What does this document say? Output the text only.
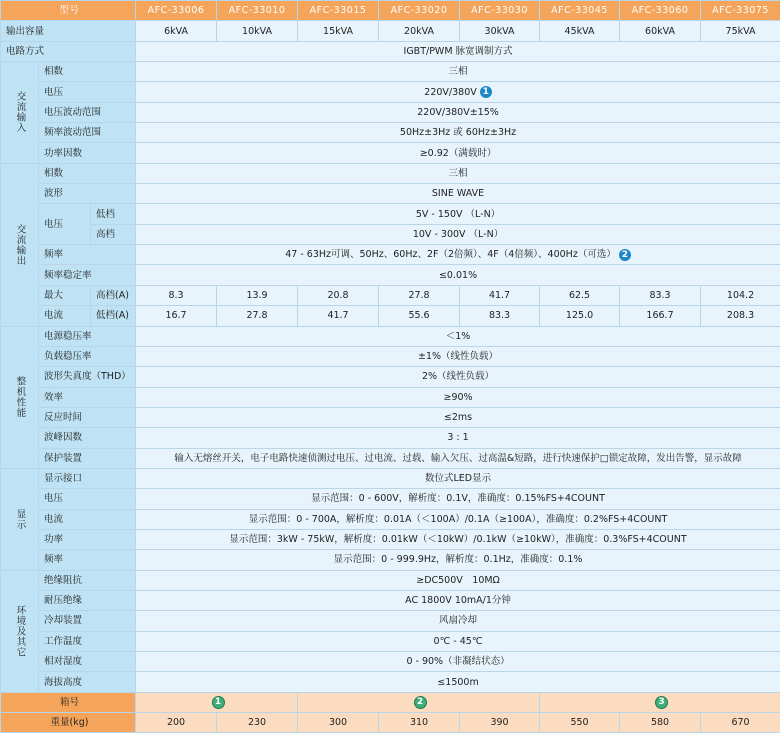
型号			AFC-33006	AFC-33010	AFC-33015	AFC-33020	AFC-33030	AFC-33045	AFC-33060	AFC-33075
输出容量			6kVA	10kVA	15kVA	20kVA	30kVA	45kVA	60kVA	75kVA
电路方式			IGBT/PWM 脉宽调制方式							
交流输入	相数		三相							
	电压		220V/380V 1							
	电压波动范围		220V/380V±15%							
	频率波动范围		50Hz±3Hz 或 60Hz±3Hz							
	功率因数		≥0.92（满载时）							
交流输出	相数		三相							
	波形		SINE WAVE							
	电压	低档	5V - 150V （L-N）							
		高档	10V - 300V （L-N）							
	频率		47 - 63Hz可调、50Hz、60Hz、2F（2倍频）、4F（4倍频）、400Hz（可选） 2							
	频率稳定率		≤0.01%							
	最大	高档(A)	8.3	13.9	20.8	27.8	41.7	62.5	83.3	104.2
	电流	低档(A)	16.7	27.8	41.7	55.6	83.3	125.0	166.7	208.3
整机性能	电源稳压率		＜1%							
	负载稳压率		±1%（线性负载）							
	波形失真度（THD）		2%（线性负载）							
	效率		≥90%							
	反应时间		≤2ms							
	波峰因数		3 : 1							
	保护装置		输入无熔丝开关，电子电路快速侦测过电压、过电流、过载、输入欠压、过高温&短路，进行快速保护□锁定故障，发出告警，显示故障							
显示	显示接口		数位式LED显示							
	电压		显示范围：0 - 600V，解析度：0.1V，准确度：0.15%FS+4COUNT							
	电流		显示范围：0 - 700A，解析度：0.01A（＜100A）/0.1A（≥100A），准确度：0.2%FS+4COUNT							
	功率		显示范围：3kW - 75kW，解析度：0.01kW（＜10kW）/0.1kW（≥10kW），准确度：0.3%FS+4COUNT							
	频率		显示范围：0 - 999.9Hz，解析度：0.1Hz，准确度：0.1%							
环境及其它	绝缘阻抗		≥DC500V　10MΩ							
	耐压绝缘		AC 1800V 10mA/1分钟							
	冷却装置		风扇冷却							
	工作温度		0℃ - 45℃							
	相对湿度		0 - 90%（非凝结状态）							
	海拔高度		≤1500m							
箱号			1		2			3		
重量(kg)			200	230	300	310	390	550	580	670
